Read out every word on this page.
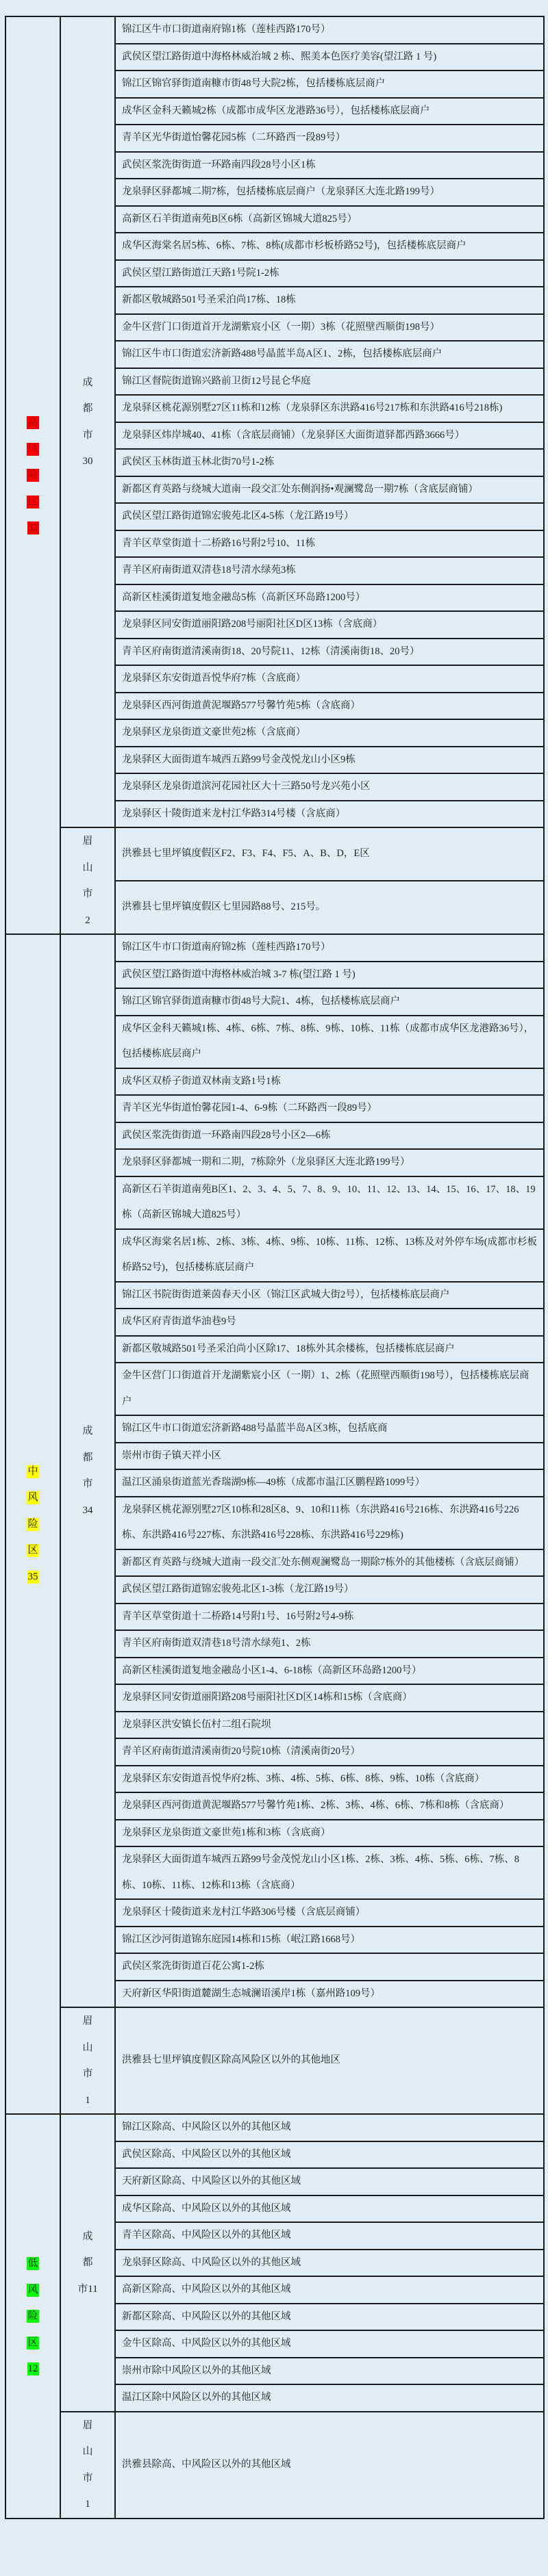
高
风
险
区
32	成
都
市
30	锦江区牛市口街道南府锦1栋（莲桂西路170号）
		武侯区望江路街道中海格林威治城 2 栋、熙美本色医疗美容(望江路 1 号)
		锦江区锦官驿街道南糠市街48号大院2栋，包括楼栋底层商户
		成华区金科天籁城2栋（成都市成华区龙港路36号），包括楼栋底层商户
		青羊区光华街道怡馨花园5栋（二环路西一段89号）
		武侯区浆洗街街道一环路南四段28号小区1栋
		龙泉驿区驿都城二期7栋，包括楼栋底层商户（龙泉驿区大连北路199号）
		高新区石羊街道南苑B区6栋（高新区锦城大道825号）
		成华区海棠名居5栋、6栋、7栋、8栋(成都市杉板桥路52号)，包括楼栋底层商户
		武侯区望江路街道江天路1号院1-2栋
		新都区敬城路501号圣采泊尚17栋、18栋
		金牛区营门口街道首开龙湖紫宸小区（一期）3栋（花照壁西顺街198号）
		锦江区牛市口街道宏济新路488号晶蓝半岛A区1、2栋，包括楼栋底层商户
		锦江区督院街道锦兴路前卫街12号昆仑华庭
		龙泉驿区桃花源别墅27区11栋和12栋（龙泉驿区东洪路416号217栋和东洪路416号218栋)
		龙泉驿区炜岸城40、41栋（含底层商铺）（龙泉驿区大面街道驿都西路3666号）
		武侯区玉林街道玉林北街70号1-2栋
		新都区育英路与绕城大道南一段交汇处东侧润扬•观澜鹭岛一期7栋（含底层商铺）
		武侯区望江路街道锦宏骏苑北区4-5栋（龙江路19号）
		青羊区草堂街道十二桥路16号附2号10、11栋
		青羊区府南街道双清巷18号清水绿苑3栋
		高新区桂溪街道复地金融岛5栋（高新区环岛路1200号）
		龙泉驿区同安街道丽阳路208号丽阳社区D区13栋（含底商）
		青羊区府南街道清溪南街18、20号院11、12栋（清溪南街18、20号）
		龙泉驿区东安街道吾悦华府7栋（含底商）
		龙泉驿区西河街道黄泥堰路577号馨竹苑5栋（含底商）
		龙泉驿区龙泉街道文豪世苑2栋（含底商）
		龙泉驿区大面街道车城西五路99号金茂悦龙山小区9栋
		龙泉驿区龙泉街道滨河花园社区大十三路50号龙兴苑小区
		龙泉驿区十陵街道来龙村江华路314号楼（含底商）

	眉
山
市
2	洪雅县七里坪镇度假区F2、F3、F4、F5、A、B、D，E区
		洪雅县七里坪镇度假区七里园路88号、215号。

中
风
险
区
35	成
都
市
34	锦江区牛市口街道南府锦2栋（莲桂西路170号）
		武侯区望江路街道中海格林威治城 3-7 栋(望江路 1 号)
		锦江区锦官驿街道南糠市街48号大院1、4栋，包括楼栋底层商户
		成华区金科天籁城1栋、4栋、6栋、7栋、8栋、9栋、10栋、11栋（成都市成华区龙港路36号），包括楼栋底层商户
		成华区双桥子街道双林南支路1号1栋
		青羊区光华街道怡馨花园1-4、6-9栋（二环路西一段89号）
		武侯区浆洗街街道一环路南四段28号小区2—6栋
		龙泉驿区驿都城一期和二期，7栋除外（龙泉驿区大连北路199号）
		高新区石羊街道南苑B区1、2、3、4、5、7、8、9、10、11、12、13、14、15、16、17、18、19栋（高新区锦城大道825号）
		成华区海棠名居1栋、2栋、3栋、4栋、9栋、10栋、11栋、12栋、13栋及对外停车场(成都市杉板桥路52号)，包括楼栋底层商户
		锦江区书院街街道莱茵春天小区（锦江区武城大街2号），包括楼栋底层商户
		成华区府青街道华油巷9号
		新都区敬城路501号圣采泊尚小区除17、18栋外其余楼栋，包括楼栋底层商户
		金牛区营门口街道首开龙湖紫宸小区（一期）1、2栋（花照壁西顺街198号），包括楼栋底层商户
		锦江区牛市口街道宏济新路488号晶蓝半岛A区3栋，包括底商
		崇州市街子镇天祥小区
		温江区涌泉街道蓝光香瑞湖9栋—49栋（成都市温江区鹏程路1099号）
		龙泉驿区桃花源别墅27区10栋和28区8、9、10和11栋（东洪路416号216栋、东洪路416号226栋、东洪路416号227栋、东洪路416号228栋、东洪路416号229栋)
		新都区育英路与绕城大道南一段交汇处东侧观澜鹭岛一期除7栋外的其他楼栋（含底层商铺）
		武侯区望江路街道锦宏骏苑北区1-3栋（龙江路19号）
		青羊区草堂街道十二桥路14号附1号、16号附2号4-9栋
		青羊区府南街道双清巷18号清水绿苑1、2栋
		高新区桂溪街道复地金融岛小区1-4、6-18栋（高新区环岛路1200号）
		龙泉驿区同安街道丽阳路208号丽阳社区D区14栋和15栋（含底商）
		龙泉驿区洪安镇长伍村二组石院坝
		青羊区府南街道清溪南街20号院10栋（清溪南街20号）
		龙泉驿区东安街道吾悦华府2栋、3栋、4栋、5栋、6栋、8栋、9栋、10栋（含底商）
		龙泉驿区西河街道黄泥堰路577号馨竹苑1栋、2栋、3栋、4栋、6栋、7栋和8栋（含底商）
		龙泉驿区龙泉街道文豪世苑1栋和3栋（含底商）
		龙泉驿区大面街道车城西五路99号金茂悦龙山小区1栋、2栋、3栋、4栋、5栋、6栋、7栋、8栋、10栋、11栋、12栋和13栋（含底商）
		龙泉驿区十陵街道来龙村江华路306号楼（含底层商铺）
		锦江区沙河街道锦东庭园14栋和15栋（岷江路1668号）
		武侯区浆洗街街道百花公寓1-2栋
		天府新区华阳街道麓湖生态城澜语溪岸1栋（嘉州路109号）

	眉
山
市
1	洪雅县七里坪镇度假区除高风险区以外的其他地区

低
风
险
区
12	成
都
市11	锦江区除高、中风险区以外的其他区域
		武侯区除高、中风险区以外的其他区域
		天府新区除高、中风险区以外的其他区域
		成华区除高、中风险区以外的其他区域
		青羊区除高、中风险区以外的其他区域
		龙泉驿区除高、中风险区以外的其他区域
		高新区除高、中风险区以外的其他区域
		新都区除高、中风险区以外的其他区域
		金牛区除高、中风险区以外的其他区域
		崇州市除中风险区以外的其他区域
		温江区除中风险区以外的其他区域

	眉
山
市
1	洪雅县除高、中风险区以外的其他区域
